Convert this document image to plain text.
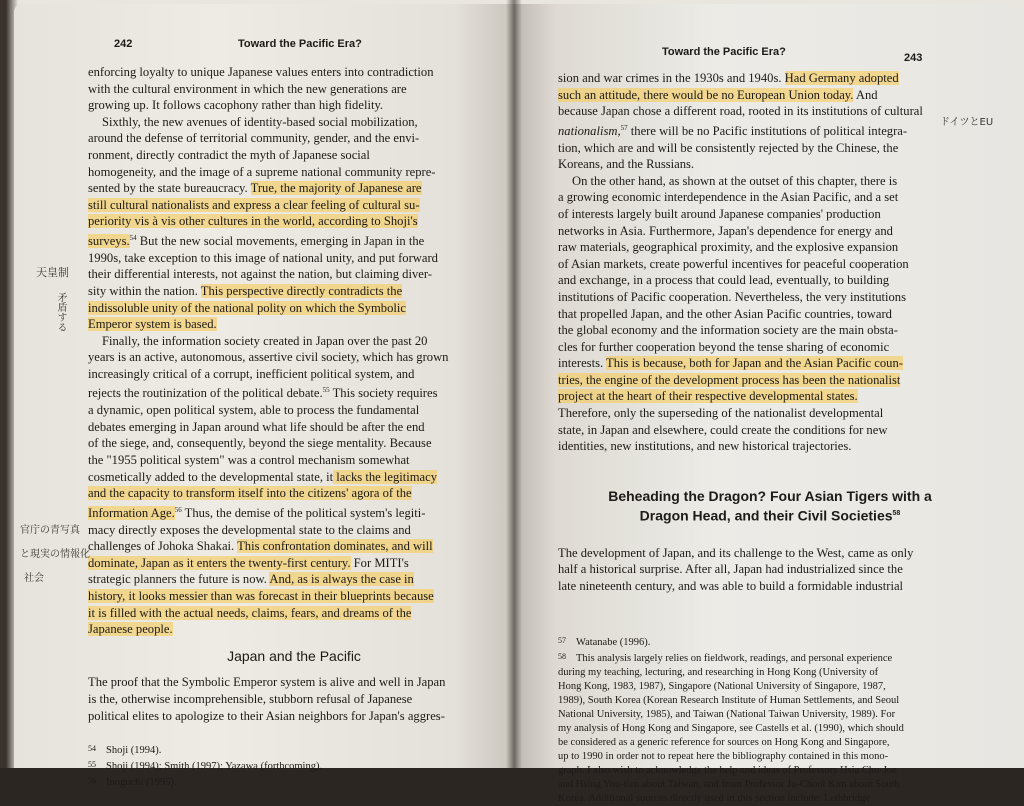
242	Toward the Pacific Era?
enforcing loyalty to unique Japanese values enters into contradiction
with the cultural environment in which the new generations are
growing up. It follows cacophony rather than high fidelity.
Sixthly, the new avenues of identity-based social mobilization,
around the defense of territorial community, gender, and the envi-
ronment, directly contradict the myth of Japanese social
homogeneity, and the image of a supreme national community repre-
sented by the state bureaucracy. True, the majority of Japanese are
still cultural nationalists and express a clear feeling of cultural su-
periority vis à vis other cultures in the world, according to Shoji's
surveys.$^{54}$ But the new social movements, emerging in Japan in the
1990s, take exception to this image of national unity, and put forward
their differential interests, not against the nation, but claiming diver-
sity within the nation. This perspective directly contradicts the
indissoluble unity of the national polity on which the Symbolic
Emperor system is based.
Finally, the information society created in Japan over the past 20
years is an active, autonomous, assertive civil society, which has grown
increasingly critical of a corrupt, inefficient political system, and
rejects the routinization of the political debate.$^{55}$ This society requires
a dynamic, open political system, able to process the fundamental
debates emerging in Japan around what life should be after the end
of the siege, and, consequently, beyond the siege mentality. Because
the "1955 political system" was a control mechanism somewhat
cosmetically added to the developmental state, it lacks the legitimacy
and the capacity to transform itself into the citizens' agora of the
Information Age.$^{56}$ Thus, the demise of the political system's legiti-
macy directly exposes the developmental state to the claims and
challenges of Johoka Shakai. This confrontation dominates, and will
dominate, Japan as it enters the twenty-first century. For MITI's
strategic planners the future is now. And, as is always the case in
history, it looks messier than was forecast in their blueprints because
it is filled with the actual needs, claims, fears, and dreams of the
Japanese people.
Japan and the Pacific
The proof that the Symbolic Emperor system is alive and well in Japan
is the, otherwise incomprehensible, stubborn refusal of Japanese
political elites to apologize to their Asian neighbors for Japan's aggres-
54 Shoji (1994).
55 Shoji (1994); Smith (1997); Yazawa (forthcoming).
56 Inoguchi (1995).
天皇制
矛盾する
官庁の青写真
と現実の情報化
社会
Toward the Pacific Era?	243
sion and war crimes in the 1930s and 1940s. Had Germany adopted
such an attitude, there would be no European Union today. And
because Japan chose a different road, rooted in its institutions of cultural
nationalism,$^{57}$ there will be no Pacific institutions of political integra-
tion, which are and will be consistently rejected by the Chinese, the
Koreans, and the Russians.
On the other hand, as shown at the outset of this chapter, there is
a growing economic interdependence in the Asian Pacific, and a set
of interests largely built around Japanese companies' production
networks in Asia. Furthermore, Japan's dependence for energy and
raw materials, geographical proximity, and the explosive expansion
of Asian markets, create powerful incentives for peaceful cooperation
and exchange, in a process that could lead, eventually, to building
institutions of Pacific cooperation. Nevertheless, the very institutions
that propelled Japan, and the other Asian Pacific countries, toward
the global economy and the information society are the main obsta-
cles for further cooperation beyond the tense sharing of economic
interests. This is because, both for Japan and the Asian Pacific coun-
tries, the engine of the development process has been the nationalist
project at the heart of their respective developmental states.
Therefore, only the superseding of the nationalist developmental
state, in Japan and elsewhere, could create the conditions for new
identities, new institutions, and new historical trajectories.
Beheading the Dragon? Four Asian Tigers with a
Dragon Head, and their Civil Societies$^{58}$
The development of Japan, and its challenge to the West, came as only
half a historical surprise. After all, Japan had industrialized since the
late nineteenth century, and was able to build a formidable industrial
57 Watanabe (1996).
58 This analysis largely relies on fieldwork, readings, and personal experience
during my teaching, lecturing, and researching in Hong Kong (University of
Hong Kong, 1983, 1987), Singapore (National University of Singapore, 1987,
1989), South Korea (Korean Research Institute of Human Settlements, and Seoul
National University, 1985), and Taiwan (National Taiwan University, 1989). For
my analysis of Hong Kong and Singapore, see Castells et al. (1990), which should
be considered as a generic reference for sources on Hong Kong and Singapore,
up to 1990 in order not to repeat here the bibliography contained in this mono-
graph. I also wish to acknowledge the help and ideas of Professors Hsia Chu-Joe
and Hsing You-tien about Taiwan, and from Professor Ju-Chool Kim about South
Korea. Additional sources directly used in this section include: Lethbridge
ドイツとEU
